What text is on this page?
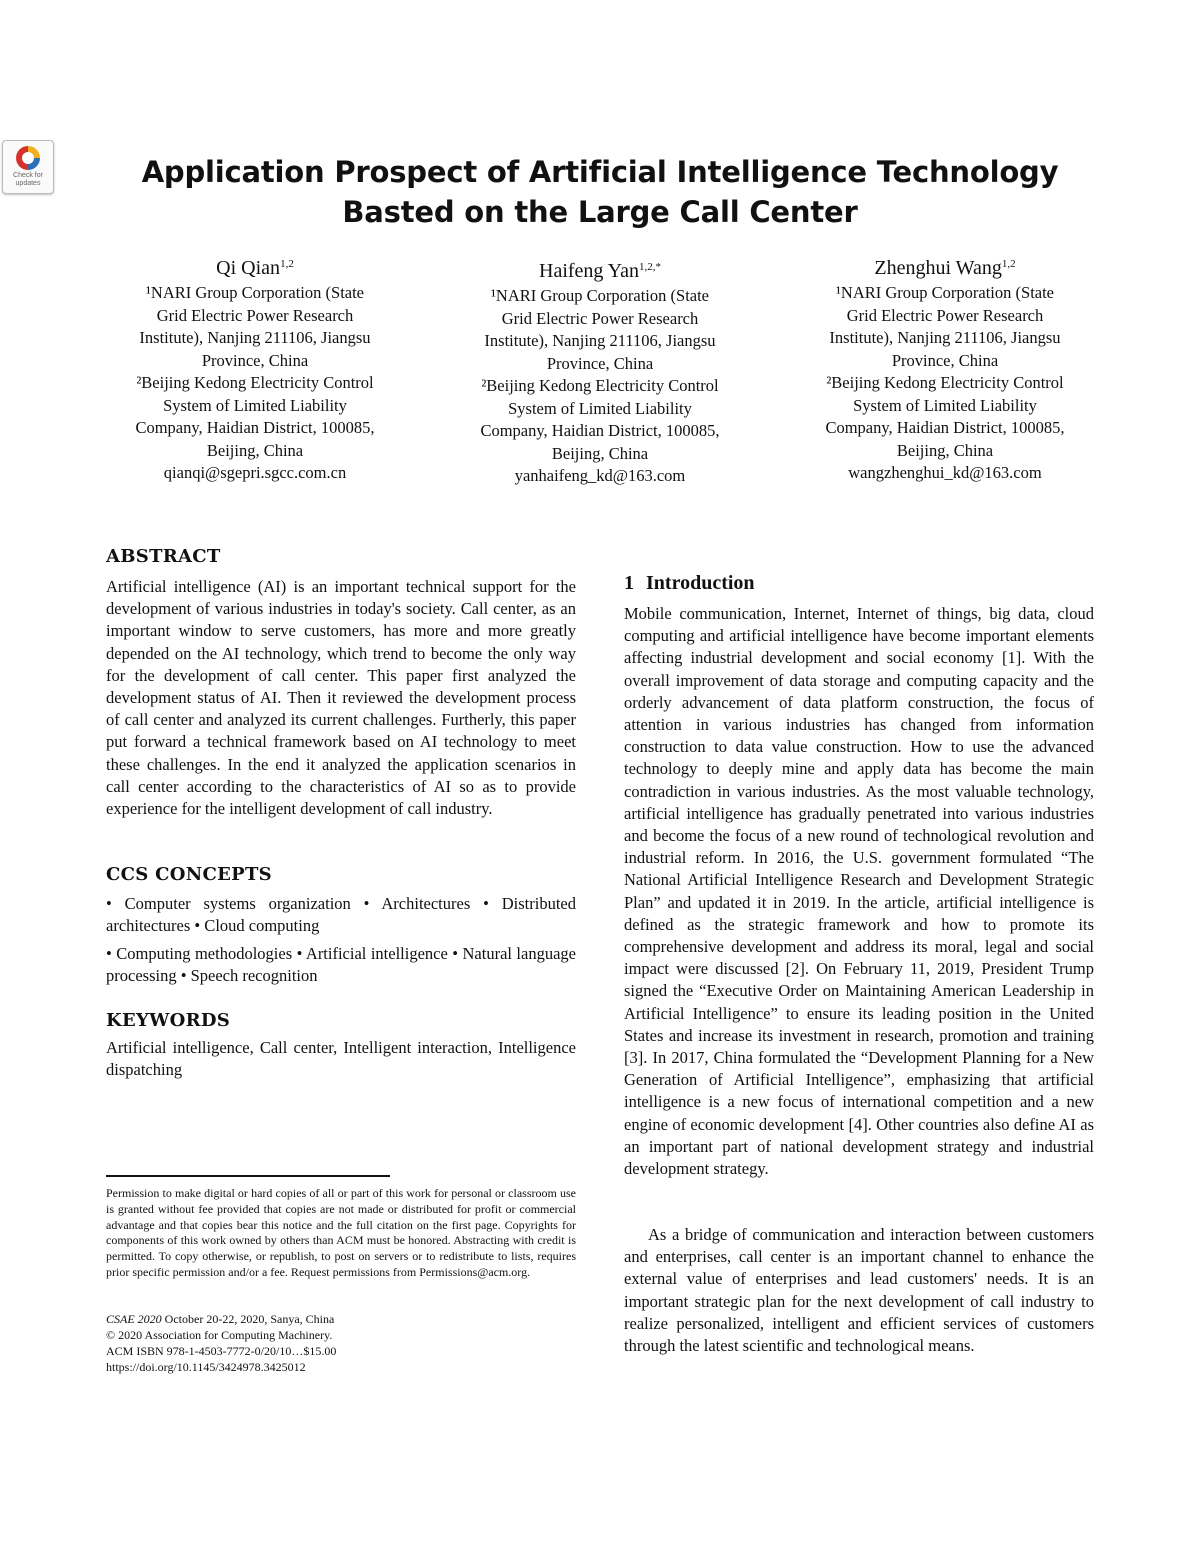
Check for updates	Application Prospect of Artificial Intelligence Technology
Basted on the Large Call Center
Qi Qian$^{1,2}$
¹NARI Group Corporation (State
Grid Electric Power Research
Institute), Nanjing 211106, Jiangsu
Province, China
²Beijing Kedong Electricity Control
System of Limited Liability
Company, Haidian District, 100085,
Beijing, China
qianqi@sgepri.sgcc.com.cn
Haifeng Yan$^{1,2,*}$
¹NARI Group Corporation (State
Grid Electric Power Research
Institute), Nanjing 211106, Jiangsu
Province, China
²Beijing Kedong Electricity Control
System of Limited Liability
Company, Haidian District, 100085,
Beijing, China
yanhaifeng_kd@163.com
Zhenghui Wang$^{1,2}$
¹NARI Group Corporation (State
Grid Electric Power Research
Institute), Nanjing 211106, Jiangsu
Province, China
²Beijing Kedong Electricity Control
System of Limited Liability
Company, Haidian District, 100085,
Beijing, China
wangzhenghui_kd@163.com
ABSTRACT

Artificial intelligence (AI) is an important technical support for the development of various industries in today's society. Call center, as an important window to serve customers, has more and more greatly depended on the AI technology, which trend to become the only way for the development of call center. This paper first analyzed the development status of AI. Then it reviewed the development process of call center and analyzed its current challenges. Furtherly, this paper put forward a technical framework based on AI technology to meet these challenges. In the end it analyzed the application scenarios in call center according to the characteristics of AI so as to provide experience for the intelligent development of call industry.

CCS CONCEPTS

• Computer systems organization • Architectures • Distributed architectures • Cloud computing

• Computing methodologies • Artificial intelligence • Natural language processing • Speech recognition

KEYWORDS

Artificial intelligence, Call center, Intelligent interaction, Intelligence dispatching

Permission to make digital or hard copies of all or part of this work for personal or classroom use is granted without fee provided that copies are not made or distributed for profit or commercial advantage and that copies bear this notice and the full citation on the first page. Copyrights for components of this work owned by others than ACM must be honored. Abstracting with credit is permitted. To copy otherwise, or republish, to post on servers or to redistribute to lists, requires prior specific permission and/or a fee. Request permissions from Permissions@acm.org.

CSAE 2020 October 20-22, 2020, Sanya, China

© 2020 Association for Computing Machinery.

ACM ISBN 978-1-4503-7772-0/20/10…$15.00

https://doi.org/10.1145/3424978.3425012

1 Introduction

Mobile communication, Internet, Internet of things, big data, cloud computing and artificial intelligence have become important elements affecting industrial development and social economy [1]. With the overall improvement of data storage and computing capacity and the orderly advancement of data platform construction, the focus of attention in various industries has changed from information construction to data value construction. How to use the advanced technology to deeply mine and apply data has become the main contradiction in various industries. As the most valuable technology, artificial intelligence has gradually penetrated into various industries and become the focus of a new round of technological revolution and industrial reform. In 2016, the U.S. government formulated “The National Artificial Intelligence Research and Development Strategic Plan” and updated it in 2019. In the article, artificial intelligence is defined as the strategic framework and how to promote its comprehensive development and address its moral, legal and social impact were discussed [2]. On February 11, 2019, President Trump signed the “Executive Order on Maintaining American Leadership in Artificial Intelligence” to ensure its leading position in the United States and increase its investment in research, promotion and training [3]. In 2017, China formulated the “Development Planning for a New Generation of Artificial Intelligence”, emphasizing that artificial intelligence is a new focus of international competition and a new engine of economic development [4]. Other countries also define AI as an important part of national development strategy and industrial development strategy.

As a bridge of communication and interaction between customers and enterprises, call center is an important channel to enhance the external value of enterprises and lead customers' needs. It is an important strategic plan for the next development of call industry to realize personalized, intelligent and efficient services of customers through the latest scientific and technological means.
